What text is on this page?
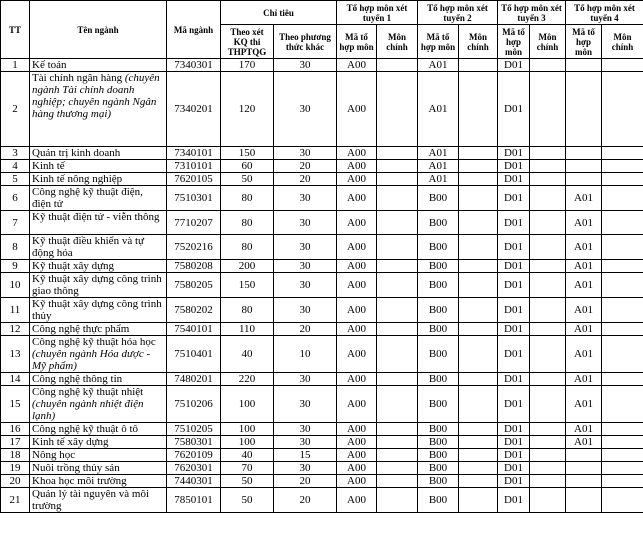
TT	Tên ngành	Mã ngành	Chỉ tiêu		Tổ hợp môn xét tuyển 1		Tổ hợp môn xét tuyển 2		Tổ hợp môn xét tuyển 3		Tổ hợp môn xét tuyển 4	
			Theo xét KQ thi THPTQG	Theo phương thức khác	Mã tổ hợp môn	Môn chính	Mã tổ hợp môn	Môn chính	Mã tổ hợp môn	Môn chính	Mã tổ hợp môn	Môn chính
1	Kế toán	7340301	170	30	A00		A01		D01			
2	Tài chính ngân hàng (chuyên ngành Tài chính doanh nghiệp; chuyên ngành Ngân hàng thương mại)	7340201	120	30	A00		A01		D01			
3	Quản trị kinh doanh	7340101	150	30	A00		A01		D01			
4	Kinh tế	7310101	60	20	A00		A01		D01			
5	Kinh tế nông nghiệp	7620105	50	20	A00		A01		D01			
6	Công nghệ kỹ thuật điện, điện tử	7510301	80	30	A00		B00		D01		A01	
7	Kỹ thuật điện tử - viễn thông	7710207	80	30	A00		B00		D01		A01	
8	Kỹ thuật điều khiển và tự động hóa	7520216	80	30	A00		B00		D01		A01	
9	Kỹ thuật xây dựng	7580208	200	30	A00		B00		D01		A01	
10	Kỹ thuật xây dựng công trình giao thông	7580205	150	30	A00		B00		D01		A01	
11	Kỹ thuật xây dựng công trình thủy	7580202	80	30	A00		B00		D01		A01	
12	Công nghệ thực phẩm	7540101	110	20	A00		B00		D01		A01	
13	Công nghệ kỹ thuật hóa học (chuyên ngành Hóa dược - Mỹ phẩm)	7510401	40	10	A00		B00		D01		A01	
14	Công nghệ thông tin	7480201	220	30	A00		B00		D01		A01	
15	Công nghệ kỹ thuật nhiệt (chuyên ngành nhiệt điện lạnh)	7510206	100	30	A00		B00		D01		A01	
16	Công nghệ kỹ thuật ô tô	7510205	100	30	A00		B00		D01		A01	
17	Kinh tế xây dựng	7580301	100	30	A00		B00		D01		A01	
18	Nông học	7620109	40	15	A00		B00		D01			
19	Nuôi trồng thủy sản	7620301	70	30	A00		B00		D01			
20	Khoa học môi trường	7440301	50	20	A00		B00		D01			
21	Quản lý tài nguyên và môi trường	7850101	50	20	A00		B00		D01			
